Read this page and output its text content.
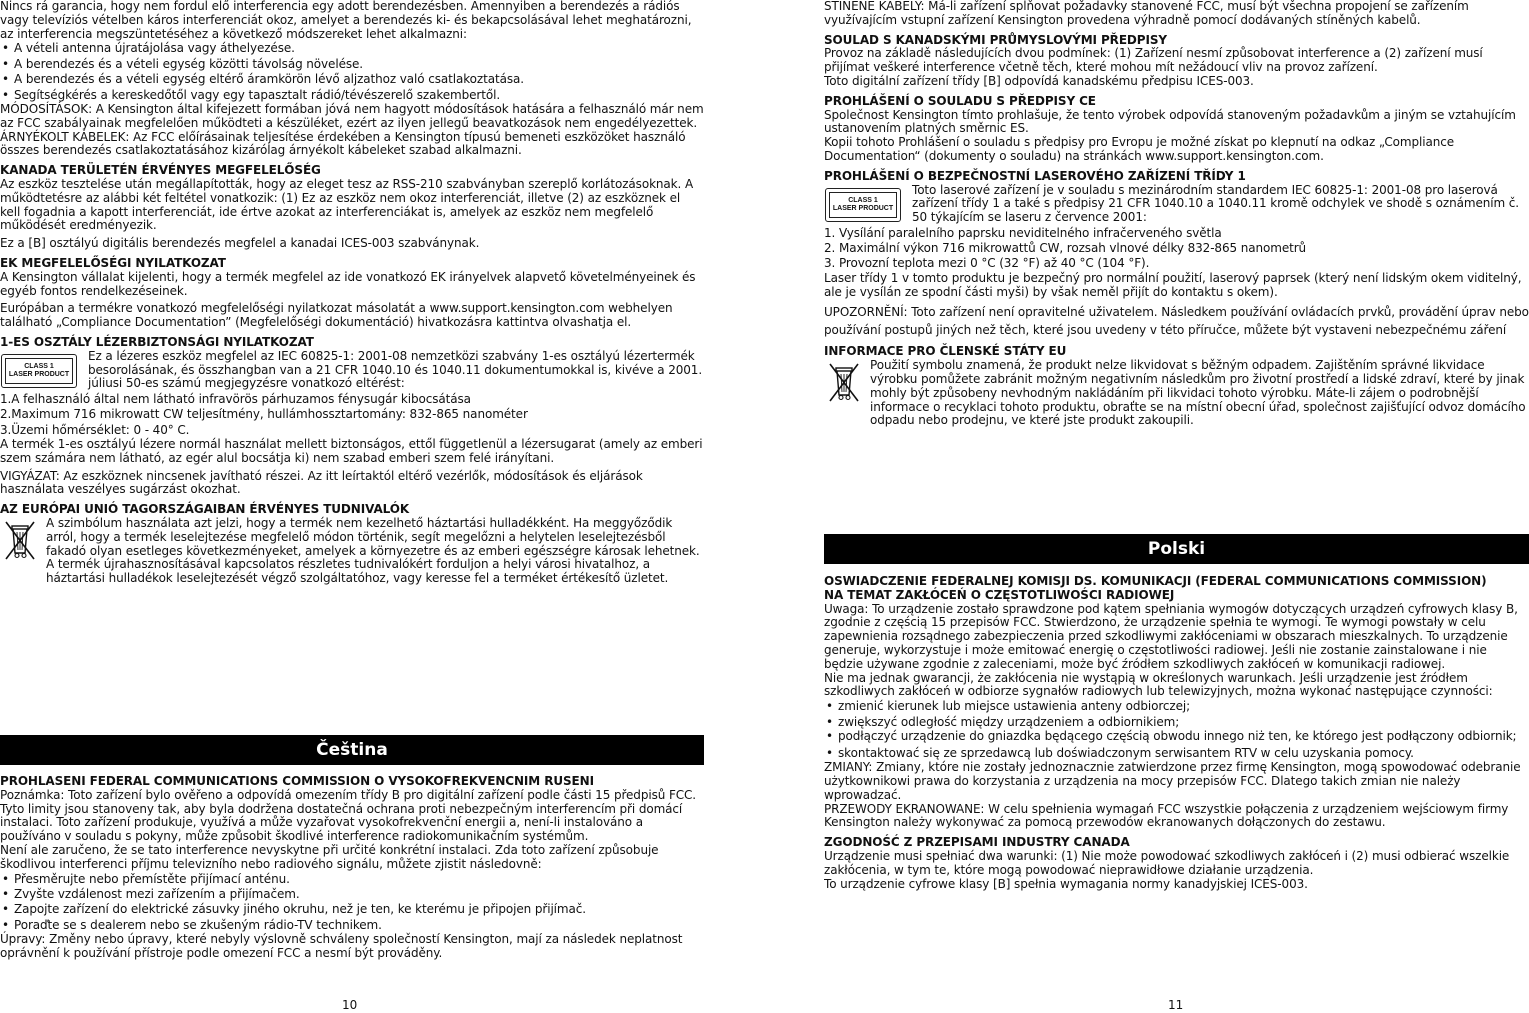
Nincs rá garancia, hogy nem fordul elő interferencia egy adott berendezésben. Amennyiben a berendezés a rádiós vagy televíziós vételben káros interferenciát okoz, amelyet a berendezés ki- és bekapcsolásával lehet meghatározni, az interferencia megszüntetéséhez a következő módszereket lehet alkalmazni:

• A vételi antenna újratájolása vagy áthelyezése.
• A berendezés és a vételi egység közötti távolság növelése.
• A berendezés és a vételi egység eltérő áramkörön lévő aljzathoz való csatlakoztatása.
• Segítségkérés a kereskedőtől vagy egy tapasztalt rádió/tévészerelő szakembertől.

MÓDOSÍTÁSOK: A Kensington által kifejezett formában jóvá nem hagyott módosítások hatására a felhasználó már nem az FCC szabályainak megfelelően működteti a készüléket, ezért az ilyen jellegű beavatkozások nem engedélyezettek.

ÁRNYÉKOLT KÁBELEK: Az FCC előírásainak teljesítése érdekében a Kensington típusú bemeneti eszközöket használó összes berendezés csatlakoztatásához kizárólag árnyékolt kábeleket szabad alkalmazni.

KANADA TERÜLETÉN ÉRVÉNYES MEGFELELŐSÉG

Az eszköz tesztelése után megállapították, hogy az eleget tesz az RSS-210 szabványban szereplő korlátozásoknak. A működtetésre az alábbi két feltétel vonatkozik: (1) Ez az eszköz nem okoz interferenciát, illetve (2) az eszköznek el kell fogadnia a kapott interferenciát, ide értve azokat az interferenciákat is, amelyek az eszköz nem megfelelő működését eredményezik.

Ez a [B] osztályú digitális berendezés megfelel a kanadai ICES-003 szabványnak.

EK MEGFELELŐSÉGI NYILATKOZAT

A Kensington vállalat kijelenti, hogy a termék megfelel az ide vonatkozó EK irányelvek alapvető követelményeinek és egyéb fontos rendelkezéseinek.

Európában a termékre vonatkozó megfelelőségi nyilatkozat másolatát a www.support.kensington.com webhelyen található „Compliance Documentation” (Megfelelőségi dokumentáció) hivatkozásra kattintva olvashatja el.

1-ES OSZTÁLY LÉZERBIZTONSÁGI NYILATKOZAT

CLASS 1
LASER PRODUCT

Ez a lézeres eszköz megfelel az IEC 60825-1: 2001-08 nemzetközi szabvány 1-es osztályú lézertermék besorolásának, és összhangban van a 21 CFR 1040.10 és 1040.11 dokumentumokkal is, kivéve a 2001. júliusi 50-es számú megjegyzésre vonatkozó eltérést:

1.A felhasználó által nem látható infravörös párhuzamos fénysugár kibocsátása
2.Maximum 716 mikrowatt CW teljesítmény, hullámhossztartomány: 832-865 nanométer
3.Üzemi hőmérséklet: 0 - 40° C.

A termék 1-es osztályú lézere normál használat mellett biztonságos, ettől függetlenül a lézersugarat (amely az emberi szem számára nem látható, az egér alul bocsátja ki) nem szabad emberi szem felé irányítani.

VIGYÁZAT: Az eszköznek nincsenek javítható részei. Az itt leírtaktól eltérő vezérlők, módosítások és eljárások használata veszélyes sugárzást okozhat.

AZ EURÓPAI UNIÓ TAGORSZÁGAIBAN ÉRVÉNYES TUDNIVALÓK

A szimbólum használata azt jelzi, hogy a termék nem kezelhető háztartási hulladékként. Ha meggyőződik arról, hogy a termék leselejtezése megfelelő módon történik, segít megelőzni a helytelen leselejtezésből fakadó olyan esetleges következményeket, amelyek a környezetre és az emberi egészségre károsak lehetnek. A termék újrahasznosításával kapcsolatos részletes tudnivalókért forduljon a helyi városi hivatalhoz, a háztartási hulladékok leselejtezését végző szolgáltatóhoz, vagy keresse fel a terméket értékesítő üzletet.

Čeština

PROHLÁŠENÍ FEDERAL COMMUNICATIONS COMMISSION O VYSOKOFREKVENČNÍM RUŠENÍ

Poznámka: Toto zařízení bylo ověřeno a odpovídá omezením třídy B pro digitální zařízení podle části 15 předpisů FCC. Tyto limity jsou stanoveny tak, aby byla dodržena dostatečná ochrana proti nebezpečným interferencím při domácí instalaci. Toto zařízení produkuje, využívá a může vyzařovat vysokofrekvenční energii a, není-li instalováno a používáno v souladu s pokyny, může způsobit škodlivé interference radiokomunikačním systémům.

Není ale zaručeno, že se tato interference nevyskytne při určité konkrétní instalaci. Zda toto zařízení způsobuje škodlivou interferenci příjmu televizního nebo radiového signálu, můžete zjistit následovně:

• Přesměrujte nebo přemístěte přijímací anténu.
• Zvyšte vzdálenost mezi zařízením a přijímačem.
• Zapojte zařízení do elektrické zásuvky jiného okruhu, než je ten, ke kterému je připojen přijímač.
• Poraďte se s dealerem nebo se zkušeným rádio-TV technikem.

Úpravy: Změny nebo úpravy, které nebyly výslovně schváleny společností Kensington, mají za následek neplatnost oprávnění k používání přístroje podle omezení FCC a nesmí být prováděny.

10

STÍNĚNÉ KABELY: Má-li zařízení splňovat požadavky stanovené FCC, musí být všechna propojení se zařízením využívajícím vstupní zařízení Kensington provedena výhradně pomocí dodávaných stíněných kabelů.

SOULAD S KANADSKÝMI PRŮMYSLOVÝMI PŘEDPISY

Provoz na základě následujících dvou podmínek: (1) Zařízení nesmí způsobovat interference a (2) zařízení musí přijímat veškeré interference včetně těch, které mohou mít nežádoucí vliv na provoz zařízení.

Toto digitální zařízení třídy [B] odpovídá kanadskému předpisu ICES-003.

PROHLÁŠENÍ O SOULADU S PŘEDPISY CE

Společnost Kensington tímto prohlašuje, že tento výrobek odpovídá stanoveným požadavkům a jiným se vztahujícím ustanovením platných směrnic ES.

Kopii tohoto Prohlášení o souladu s předpisy pro Evropu je možné získat po klepnutí na odkaz „Compliance Documentation“ (dokumenty o souladu) na stránkách www.support.kensington.com.

PROHLÁŠENÍ O BEZPEČNOSTNÍ LASEROVÉHO ZAŘÍZENÍ TŘÍDY 1

CLASS 1
LASER PRODUCT

Toto laserové zařízení je v souladu s mezinárodním standardem IEC 60825-1: 2001-08 pro laserová zařízení třídy 1 a také s předpisy 21 CFR 1040.10 a 1040.11 kromě odchylek ve shodě s oznámením č. 50 týkajícím se laseru z července 2001:

1. Vysílání paralelního paprsku neviditelného infračerveného světla
2. Maximální výkon 716 mikrowattů CW, rozsah vlnové délky 832-865 nanometrů
3. Provozní teplota mezi 0 °C (32 °F) až 40 °C (104 °F).

Laser třídy 1 v tomto produktu je bezpečný pro normální použití, laserový paprsek (který není lidským okem viditelný, ale je vysílán ze spodní části myši) by však neměl přijít do kontaktu s okem).

UPOZORNĚNÍ: Toto zařízení není opravitelné uživatelem. Následkem používání ovládacích prvků, provádění úprav nebo používání postupů jiných než těch, které jsou uvedeny v této příručce, můžete být vystaveni nebezpečnému záření

INFORMACE PRO ČLENSKÉ STÁTY EU

Použití symbolu znamená, že produkt nelze likvidovat s běžným odpadem. Zajištěním správné likvidace výrobku pomůžete zabránit možným negativním následkům pro životní prostředí a lidské zdraví, které by jinak mohly být způsobeny nevhodným nakládáním při likvidaci tohoto výrobku. Máte-li zájem o podrobnější informace o recyklaci tohoto produktu, obraťte se na místní obecní úřad, společnost zajišťující odvoz domácího odpadu nebo prodejnu, ve které jste produkt zakoupili.

Polski

OŚWIADCZENIE FEDERALNEJ KOMISJI DS. KOMUNIKACJI (FEDERAL COMMUNICATIONS COMMISSION)

NA TEMAT ZAKŁÓCEŃ O CZĘSTOTLIWOŚCI RADIOWEJ

Uwaga: To urządzenie zostało sprawdzone pod kątem spełniania wymogów dotyczących urządzeń cyfrowych klasy B, zgodnie z częścią 15 przepisów FCC. Stwierdzono, że urządzenie spełnia te wymogi. Te wymogi powstały w celu zapewnienia rozsądnego zabezpieczenia przed szkodliwymi zakłóceniami w obszarach mieszkalnych. To urządzenie generuje, wykorzystuje i może emitować energię o częstotliwości radiowej. Jeśli nie zostanie zainstalowane i nie będzie używane zgodnie z zaleceniami, może być źródłem szkodliwych zakłóceń w komunikacji radiowej.

Nie ma jednak gwarancji, że zakłócenia nie wystąpią w określonych warunkach. Jeśli urządzenie jest źródłem szkodliwych zakłóceń w odbiorze sygnałów radiowych lub telewizyjnych, można wykonać następujące czynności:

• zmienić kierunek lub miejsce ustawienia anteny odbiorczej;
• zwiększyć odległość między urządzeniem a odbiornikiem;
• podłączyć urządzenie do gniazdka będącego częścią obwodu innego niż ten, ke którego jest podłączony odbiornik;
• skontaktować się ze sprzedawcą lub doświadczonym serwisantem RTV w celu uzyskania pomocy.

ZMIANY: Zmiany, które nie zostały jednoznacznie zatwierdzone przez firmę Kensington, mogą spowodować odebranie użytkownikowi prawa do korzystania z urządzenia na mocy przepisów FCC. Dlatego takich zmian nie należy wprowadzać.

PRZEWODY EKRANOWANE: W celu spełnienia wymagań FCC wszystkie połączenia z urządzeniem wejściowym firmy Kensington należy wykonywać za pomocą przewodów ekranowanych dołączonych do zestawu.

ZGODNOŚĆ Z PRZEPISAMI INDUSTRY CANADA

Urządzenie musi spełniać dwa warunki: (1) Nie może powodować szkodliwych zakłóceń i (2) musi odbierać wszelkie zakłócenia, w tym te, które mogą powodować nieprawidłowe działanie urządzenia.

To urządzenie cyfrowe klasy [B] spełnia wymagania normy kanadyjskiej ICES-003.

11
